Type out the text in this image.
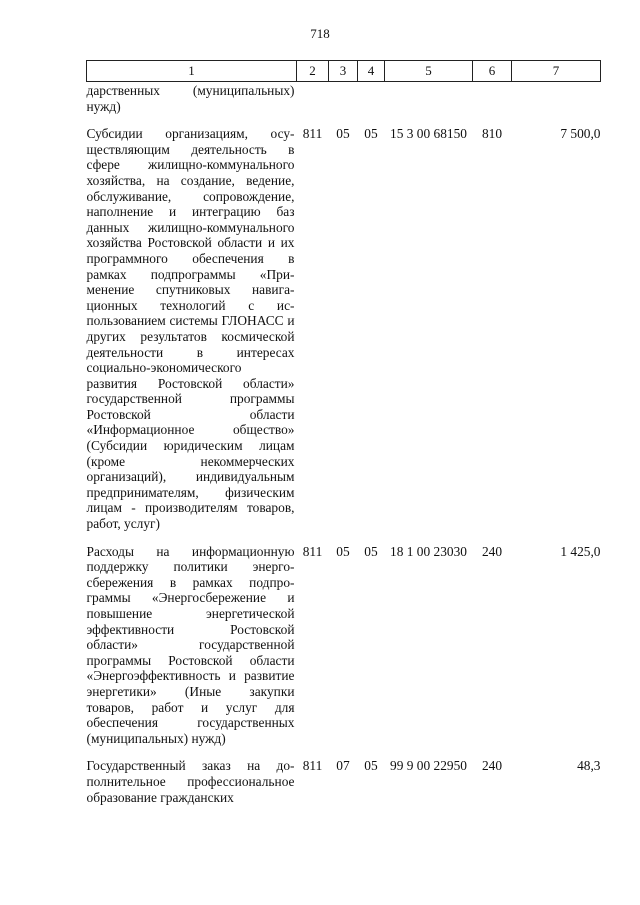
718
1	2	3	4	5	6	7
дарственных (муниципальных) нужд)						
Субсидии организациям, осуществляющим деятельность в сфере жилищно-коммунального хозяйства, на создание, ведение, обслуживание, сопровождение, наполнение и интеграцию баз данных жилищно-коммунального хозяйства Ростовской области и их программного обеспечения в рамках подпрограммы «Применение спутниковых навигационных технологий с использованием системы ГЛОНАСС и других результатов космической деятельности в интересах социально-экономического развития Ростовской области» государственной программы Ростовской области «Информационное общество» (Субсидии юридическим лицам (кроме некоммерческих организаций), индивидуальным предпринимателям, физическим лицам - производителям товаров, работ, услуг)	811	05	05	15 3 00 68150	810	7 500,0
Расходы на информационную поддержку политики энергосбережения в рамках подпрограммы «Энергосбережение и повышение энергетической эффективности Ростовской области» государственной программы Ростовской области «Энергоэффективность и развитие энергетики» (Иные закупки товаров, работ и услуг для обеспечения государственных (муниципальных) нужд)	811	05	05	18 1 00 23030	240	1 425,0
Государственный заказ на дополнительное профессиональное образование гражданских	811	07	05	99 9 00 22950	240	48,3
